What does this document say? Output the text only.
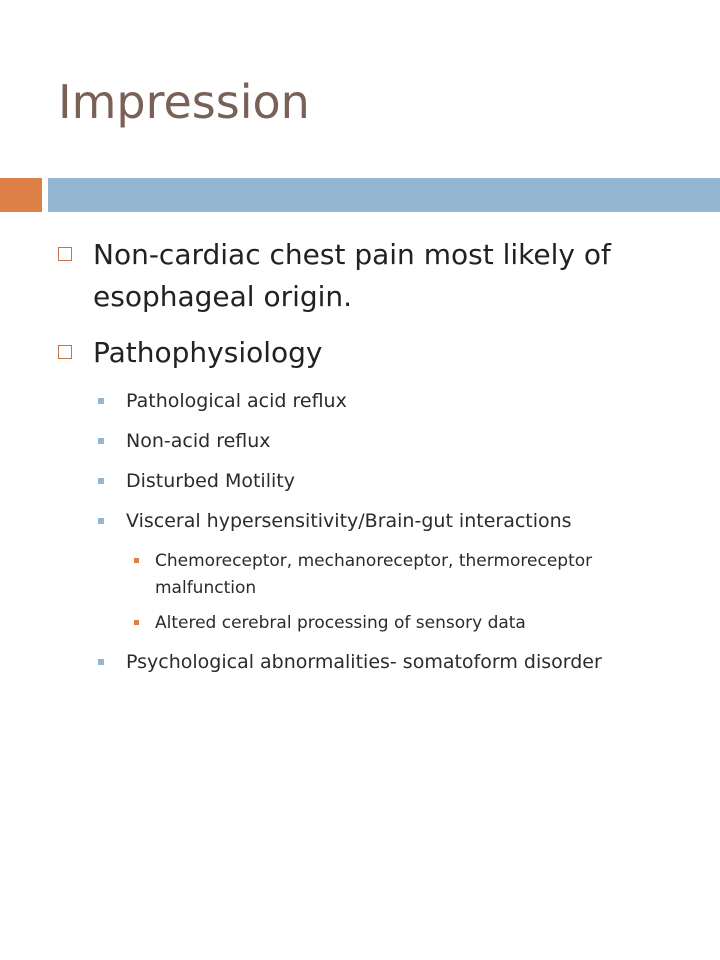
Impression
Non-cardiac chest pain most likely of esophageal origin.
Pathophysiology
Pathological acid reflux
Non-acid reflux
Disturbed Motility
Visceral hypersensitivity/Brain-gut interactions
Chemoreceptor, mechanoreceptor, thermoreceptor malfunction
Altered cerebral processing of sensory data
Psychological abnormalities- somatoform disorder
